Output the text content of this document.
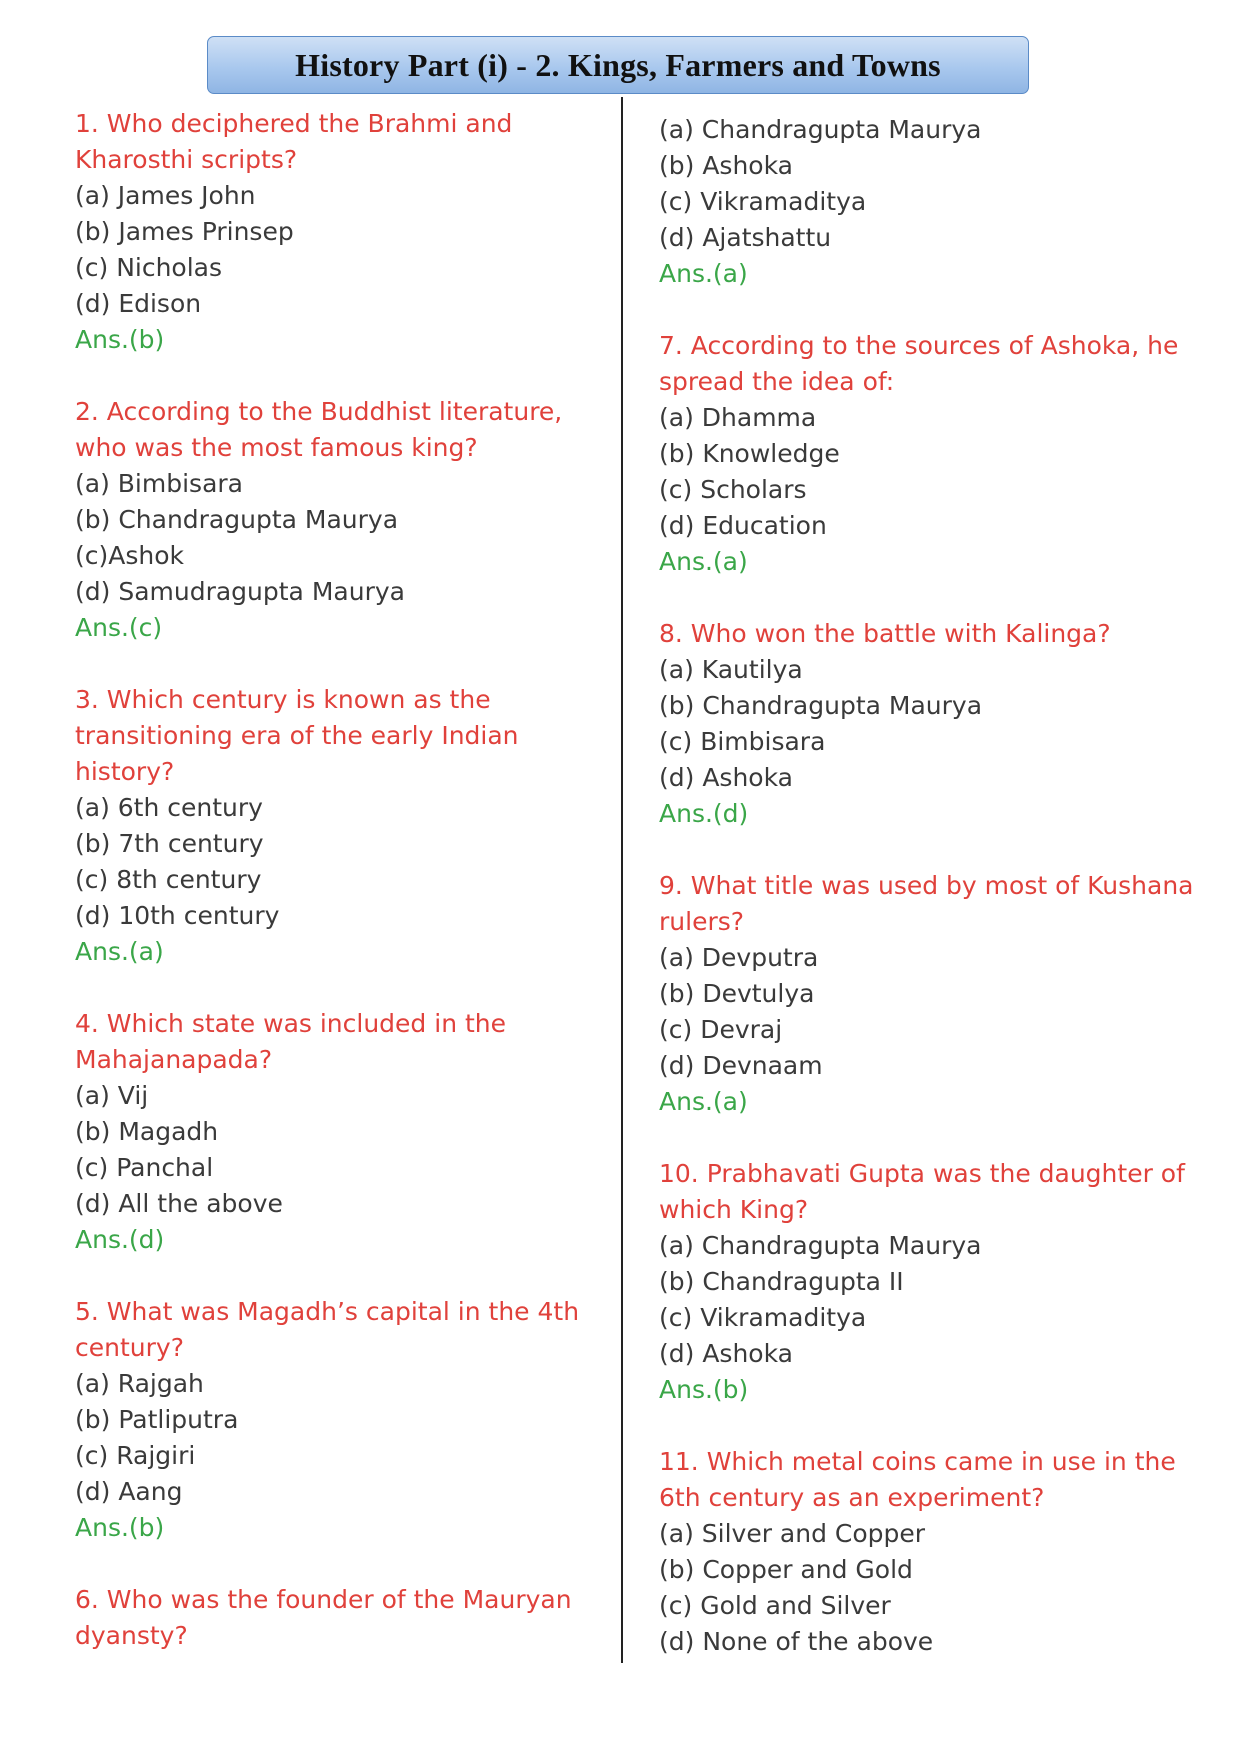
History Part (i) - 2. Kings, Farmers and Towns
1. Who deciphered the Brahmi and
Kharosthi scripts?
(a) James John
(b) James Prinsep
(c) Nicholas
(d) Edison
Ans.(b)
2. According to the Buddhist literature,
who was the most famous king?
(a) Bimbisara
(b) Chandragupta Maurya
(c)Ashok
(d) Samudragupta Maurya
Ans.(c)
3. Which century is known as the
transitioning era of the early Indian
history?
(a) 6th century
(b) 7th century
(c) 8th century
(d) 10th century
Ans.(a)
4. Which state was included in the
Mahajanapada?
(a) Vij
(b) Magadh
(c) Panchal
(d) All the above
Ans.(d)
5. What was Magadh’s capital in the 4th
century?
(a) Rajgah
(b) Patliputra
(c) Rajgiri
(d) Aang
Ans.(b)
6. Who was the founder of the Mauryan
dyansty?
(a) Chandragupta Maurya
(b) Ashoka
(c) Vikramaditya
(d) Ajatshattu
Ans.(a)
7. According to the sources of Ashoka, he
spread the idea of:
(a) Dhamma
(b) Knowledge
(c) Scholars
(d) Education
Ans.(a)
8. Who won the battle with Kalinga?
(a) Kautilya
(b) Chandragupta Maurya
(c) Bimbisara
(d) Ashoka
Ans.(d)
9. What title was used by most of Kushana
rulers?
(a) Devputra
(b) Devtulya
(c) Devraj
(d) Devnaam
Ans.(a)
10. Prabhavati Gupta was the daughter of
which King?
(a) Chandragupta Maurya
(b) Chandragupta II
(c) Vikramaditya
(d) Ashoka
Ans.(b)
11. Which metal coins came in use in the
6th century as an experiment?
(a) Silver and Copper
(b) Copper and Gold
(c) Gold and Silver
(d) None of the above
